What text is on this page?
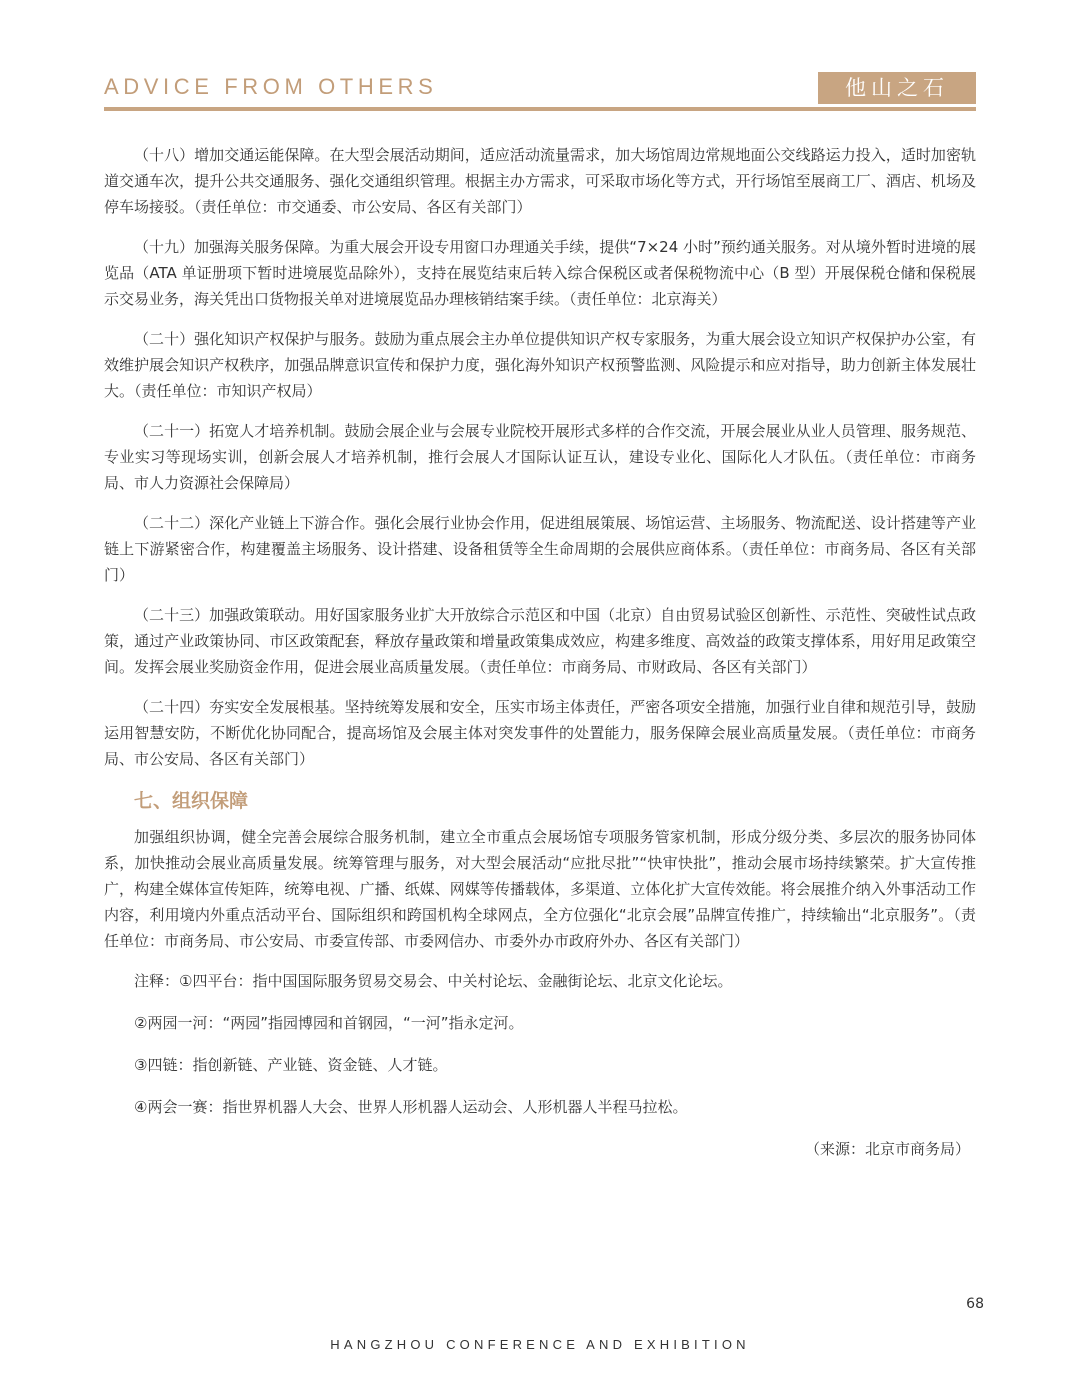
ADVICE FROM OTHERS	他山之石

（十八）增加交通运能保障。在大型会展活动期间，适应活动流量需求，加大场馆周边常规地面公交线路运力投入，适时加密轨道交通车次，提升公共交通服务、强化交通组织管理。根据主办方需求，可采取市场化等方式，开行场馆至展商工厂、酒店、机场及停车场接驳。（责任单位：市交通委、市公安局、各区有关部门）

（十九）加强海关服务保障。为重大展会开设专用窗口办理通关手续，提供“7×24 小时”预约通关服务。对从境外暂时进境的展览品（ATA 单证册项下暂时进境展览品除外），支持在展览结束后转入综合保税区或者保税物流中心（B 型）开展保税仓储和保税展示交易业务，海关凭出口货物报关单对进境展览品办理核销结案手续。（责任单位：北京海关）

（二十）强化知识产权保护与服务。鼓励为重点展会主办单位提供知识产权专家服务，为重大展会设立知识产权保护办公室，有效维护展会知识产权秩序，加强品牌意识宣传和保护力度，强化海外知识产权预警监测、风险提示和应对指导，助力创新主体发展壮大。（责任单位：市知识产权局）

（二十一）拓宽人才培养机制。鼓励会展企业与会展专业院校开展形式多样的合作交流，开展会展业从业人员管理、服务规范、专业实习等现场实训，创新会展人才培养机制，推行会展人才国际认证互认，建设专业化、国际化人才队伍。（责任单位：市商务局、市人力资源社会保障局）

（二十二）深化产业链上下游合作。强化会展行业协会作用，促进组展策展、场馆运营、主场服务、物流配送、设计搭建等产业链上下游紧密合作，构建覆盖主场服务、设计搭建、设备租赁等全生命周期的会展供应商体系。（责任单位：市商务局、各区有关部门）

（二十三）加强政策联动。用好国家服务业扩大开放综合示范区和中国（北京）自由贸易试验区创新性、示范性、突破性试点政策，通过产业政策协同、市区政策配套，释放存量政策和增量政策集成效应，构建多维度、高效益的政策支撑体系，用好用足政策空间。发挥会展业奖励资金作用，促进会展业高质量发展。（责任单位：市商务局、市财政局、各区有关部门）

（二十四）夯实安全发展根基。坚持统筹发展和安全，压实市场主体责任，严密各项安全措施，加强行业自律和规范引导，鼓励运用智慧安防，不断优化协同配合，提高场馆及会展主体对突发事件的处置能力，服务保障会展业高质量发展。（责任单位：市商务局、市公安局、各区有关部门）

七、组织保障

加强组织协调，健全完善会展综合服务机制，建立全市重点会展场馆专项服务管家机制，形成分级分类、多层次的服务协同体系，加快推动会展业高质量发展。统筹管理与服务，对大型会展活动“应批尽批”“快审快批”，推动会展市场持续繁荣。扩大宣传推广，构建全媒体宣传矩阵，统筹电视、广播、纸媒、网媒等传播载体，多渠道、立体化扩大宣传效能。将会展推介纳入外事活动工作内容，利用境内外重点活动平台、国际组织和跨国机构全球网点，全方位强化“北京会展”品牌宣传推广，持续输出“北京服务”。（责任单位：市商务局、市公安局、市委宣传部、市委网信办、市委外办市政府外办、各区有关部门）

注释：①四平台：指中国国际服务贸易交易会、中关村论坛、金融街论坛、北京文化论坛。

②两园一河：“两园”指园博园和首钢园，“一河”指永定河。

③四链：指创新链、产业链、资金链、人才链。

④两会一赛：指世界机器人大会、世界人形机器人运动会、人形机器人半程马拉松。

（来源：北京市商务局）

68
HANGZHOU CONFERENCE AND EXHIBITION
